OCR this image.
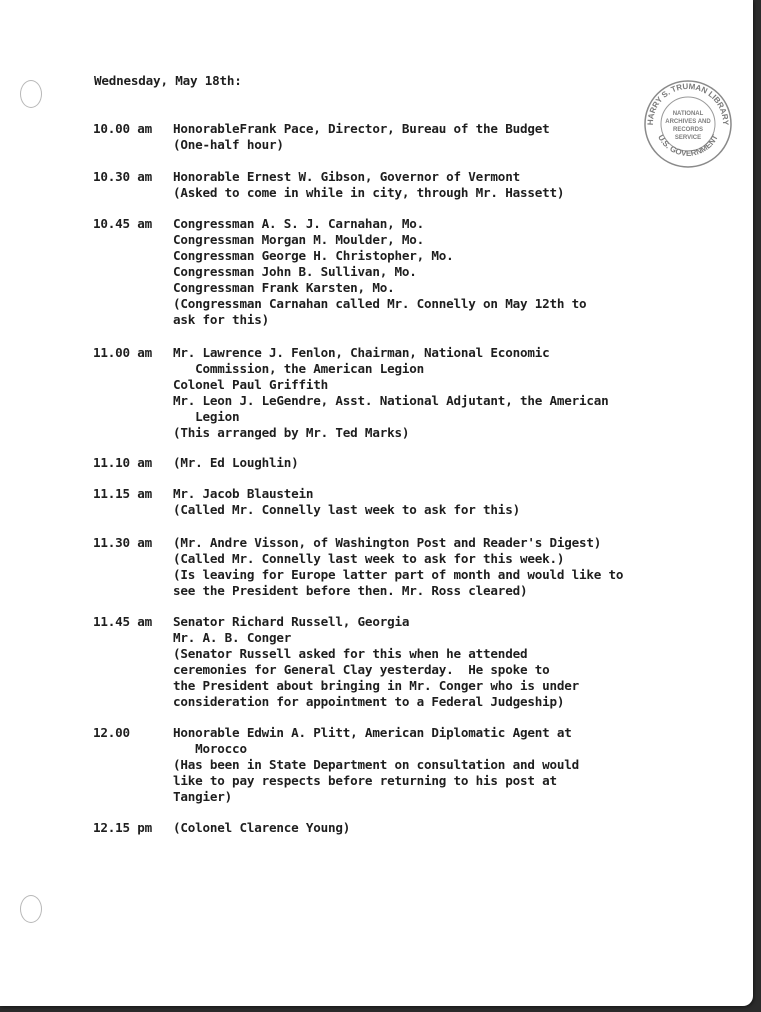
Wednesday, May 18th:
HARRY S. TRUMAN LIBRARY
U.S. GOVERNMENT
NATIONAL
ARCHIVES AND
RECORDS
SERVICE
10.00 am HonorableFrank Pace, Director, Bureau of the Budget
(One-half hour)
10.30 am Honorable Ernest W. Gibson, Governor of Vermont
(Asked to come in while in city, through Mr. Hassett)
10.45 am Congressman A. S. J. Carnahan, Mo.
Congressman Morgan M. Moulder, Mo.
Congressman George H. Christopher, Mo.
Congressman John B. Sullivan, Mo.
Congressman Frank Karsten, Mo.
(Congressman Carnahan called Mr. Connelly on May 12th to
ask for this)
11.00 am Mr. Lawrence J. Fenlon, Chairman, National Economic
Commission, the American Legion
Colonel Paul Griffith
Mr. Leon J. LeGendre, Asst. National Adjutant, the American
Legion
(This arranged by Mr. Ted Marks)
11.10 am (Mr. Ed Loughlin)
11.15 am Mr. Jacob Blaustein
(Called Mr. Connelly last week to ask for this)
11.30 am (Mr. Andre Visson, of Washington Post and Reader's Digest)
(Called Mr. Connelly last week to ask for this week.)
(Is leaving for Europe latter part of month and would like to
see the President before then. Mr. Ross cleared)
11.45 am Senator Richard Russell, Georgia
Mr. A. B. Conger
(Senator Russell asked for this when he attended
ceremonies for General Clay yesterday.  He spoke to
the President about bringing in Mr. Conger who is under
consideration for appointment to a Federal Judgeship)
12.00	Honorable Edwin A. Plitt, American Diplomatic Agent at
Morocco
(Has been in State Department on consultation and would
like to pay respects before returning to his post at
Tangier)
12.15 pm (Colonel Clarence Young)
